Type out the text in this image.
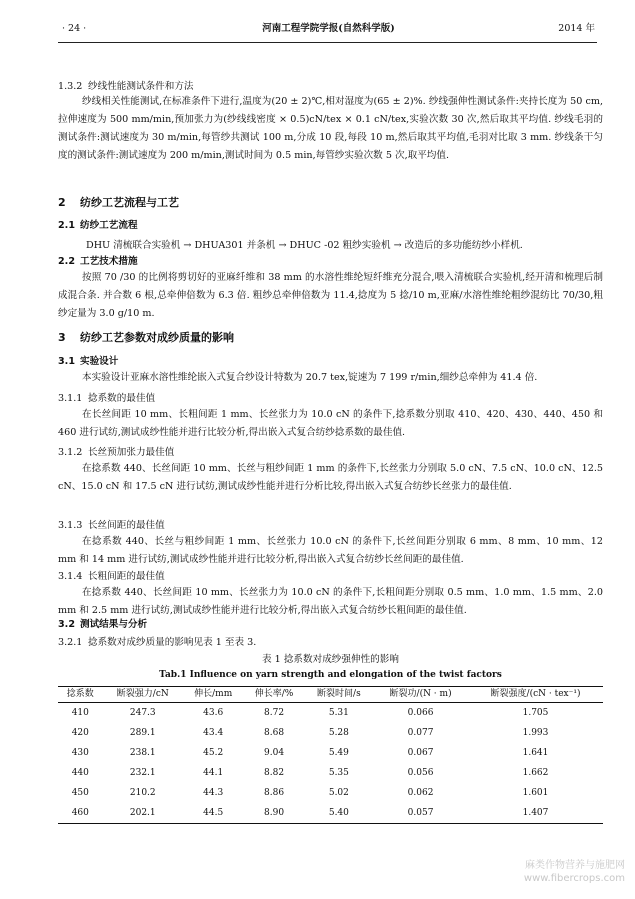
· 24 ·	河南工程学院学报(自然科学版)	2014 年

1.3.2 纱线性能测试条件和方法

纱线相关性能测试,在标准条件下进行,温度为(20 ± 2)℃,相对湿度为(65 ± 2)%. 纱线强伸性测试条件:夹持长度为 50 cm,拉伸速度为 500 mm/min,预加张力为(纱线线密度 × 0.5)cN/tex × 0.1 cN/tex,实验次数 30 次,然后取其平均值. 纱线毛羽的测试条件:测试速度为 30 m/min,每管纱共测试 100 m,分成 10 段,每段 10 m,然后取其平均值,毛羽对比取 3 mm. 纱线条干匀度的测试条件:测试速度为 200 m/min,测试时间为 0.5 min,每管纱实验次数 5 次,取平均值.

2 纺纱工艺流程与工艺

2.1 纺纱工艺流程

DHU 清梳联合实验机 → DHUA301 并条机 → DHUC -02 粗纱实验机 → 改造后的多功能纺纱小样机.

2.2 工艺技术措施

按照 70 /30 的比例将剪切好的亚麻纤维和 38 mm 的水溶性维纶短纤维充分混合,喂入清梳联合实验机,经开清和梳理后制成混合条. 并合数 6 根,总牵伸倍数为 6.3 倍. 粗纱总牵伸倍数为 11.4,捻度为 5 捻/10 m,亚麻/水溶性维纶粗纱混纺比 70/30,粗纱定量为 3.0 g/10 m.

3 纺纱工艺参数对成纱质量的影响

3.1 实验设计

本实验设计亚麻水溶性维纶嵌入式复合纱设计特数为 20.7 tex,锭速为 7 199 r/min,细纱总牵伸为 41.4 倍.

3.1.1 捻系数的最佳值

在长丝间距 10 mm、长粗间距 1 mm、长丝张力为 10.0 cN 的条件下,捻系数分别取 410、420、430、440、450 和 460 进行试纺,测试成纱性能并进行比较分析,得出嵌入式复合纺纱捻系数的最佳值.

3.1.2 长丝预加张力最佳值

在捻系数 440、长丝间距 10 mm、长丝与粗纱间距 1 mm 的条件下,长丝张力分别取 5.0 cN、7.5 cN、10.0 cN、12.5 cN、15.0 cN 和 17.5 cN 进行试纺,测试成纱性能并进行分析比较,得出嵌入式复合纺纱长丝张力的最佳值.

3.1.3 长丝间距的最佳值

在捻系数 440、长丝与粗纱间距 1 mm、长丝张力 10.0 cN 的条件下,长丝间距分别取 6 mm、8 mm、10 mm、12 mm 和 14 mm 进行试纺,测试成纱性能并进行比较分析,得出嵌入式复合纺纱长丝间距的最佳值.

3.1.4 长粗间距的最佳值

在捻系数 440、长丝间距 10 mm、长丝张力为 10.0 cN 的条件下,长粗间距分别取 0.5 mm、1.0 mm、1.5 mm、2.0 mm 和 2.5 mm 进行试纺,测试成纱性能并进行比较分析,得出嵌入式复合纺纱长粗间距的最佳值.

3.2 测试结果与分析

3.2.1 捻系数对成纱质量的影响见表 1 至表 3.

表 1 捻系数对成纱强伸性的影响
Tab.1 Influence on yarn strength and elongation of the twist factors
捻系数	断裂强力/cN	伸长/mm	伸长率/%	断裂时间/s	断裂功/(N · m)	断裂强度/(cN · tex⁻¹)
410	247.3	43.6	8.72	5.31	0.066	1.705
420	289.1	43.4	8.68	5.28	0.077	1.993
430	238.1	45.2	9.04	5.49	0.067	1.641
440	232.1	44.1	8.82	5.35	0.056	1.662
450	210.2	44.3	8.86	5.02	0.062	1.601
460	202.1	44.5	8.90	5.40	0.057	1.407
麻类作物营养与施肥网
www.fibercrops.com
